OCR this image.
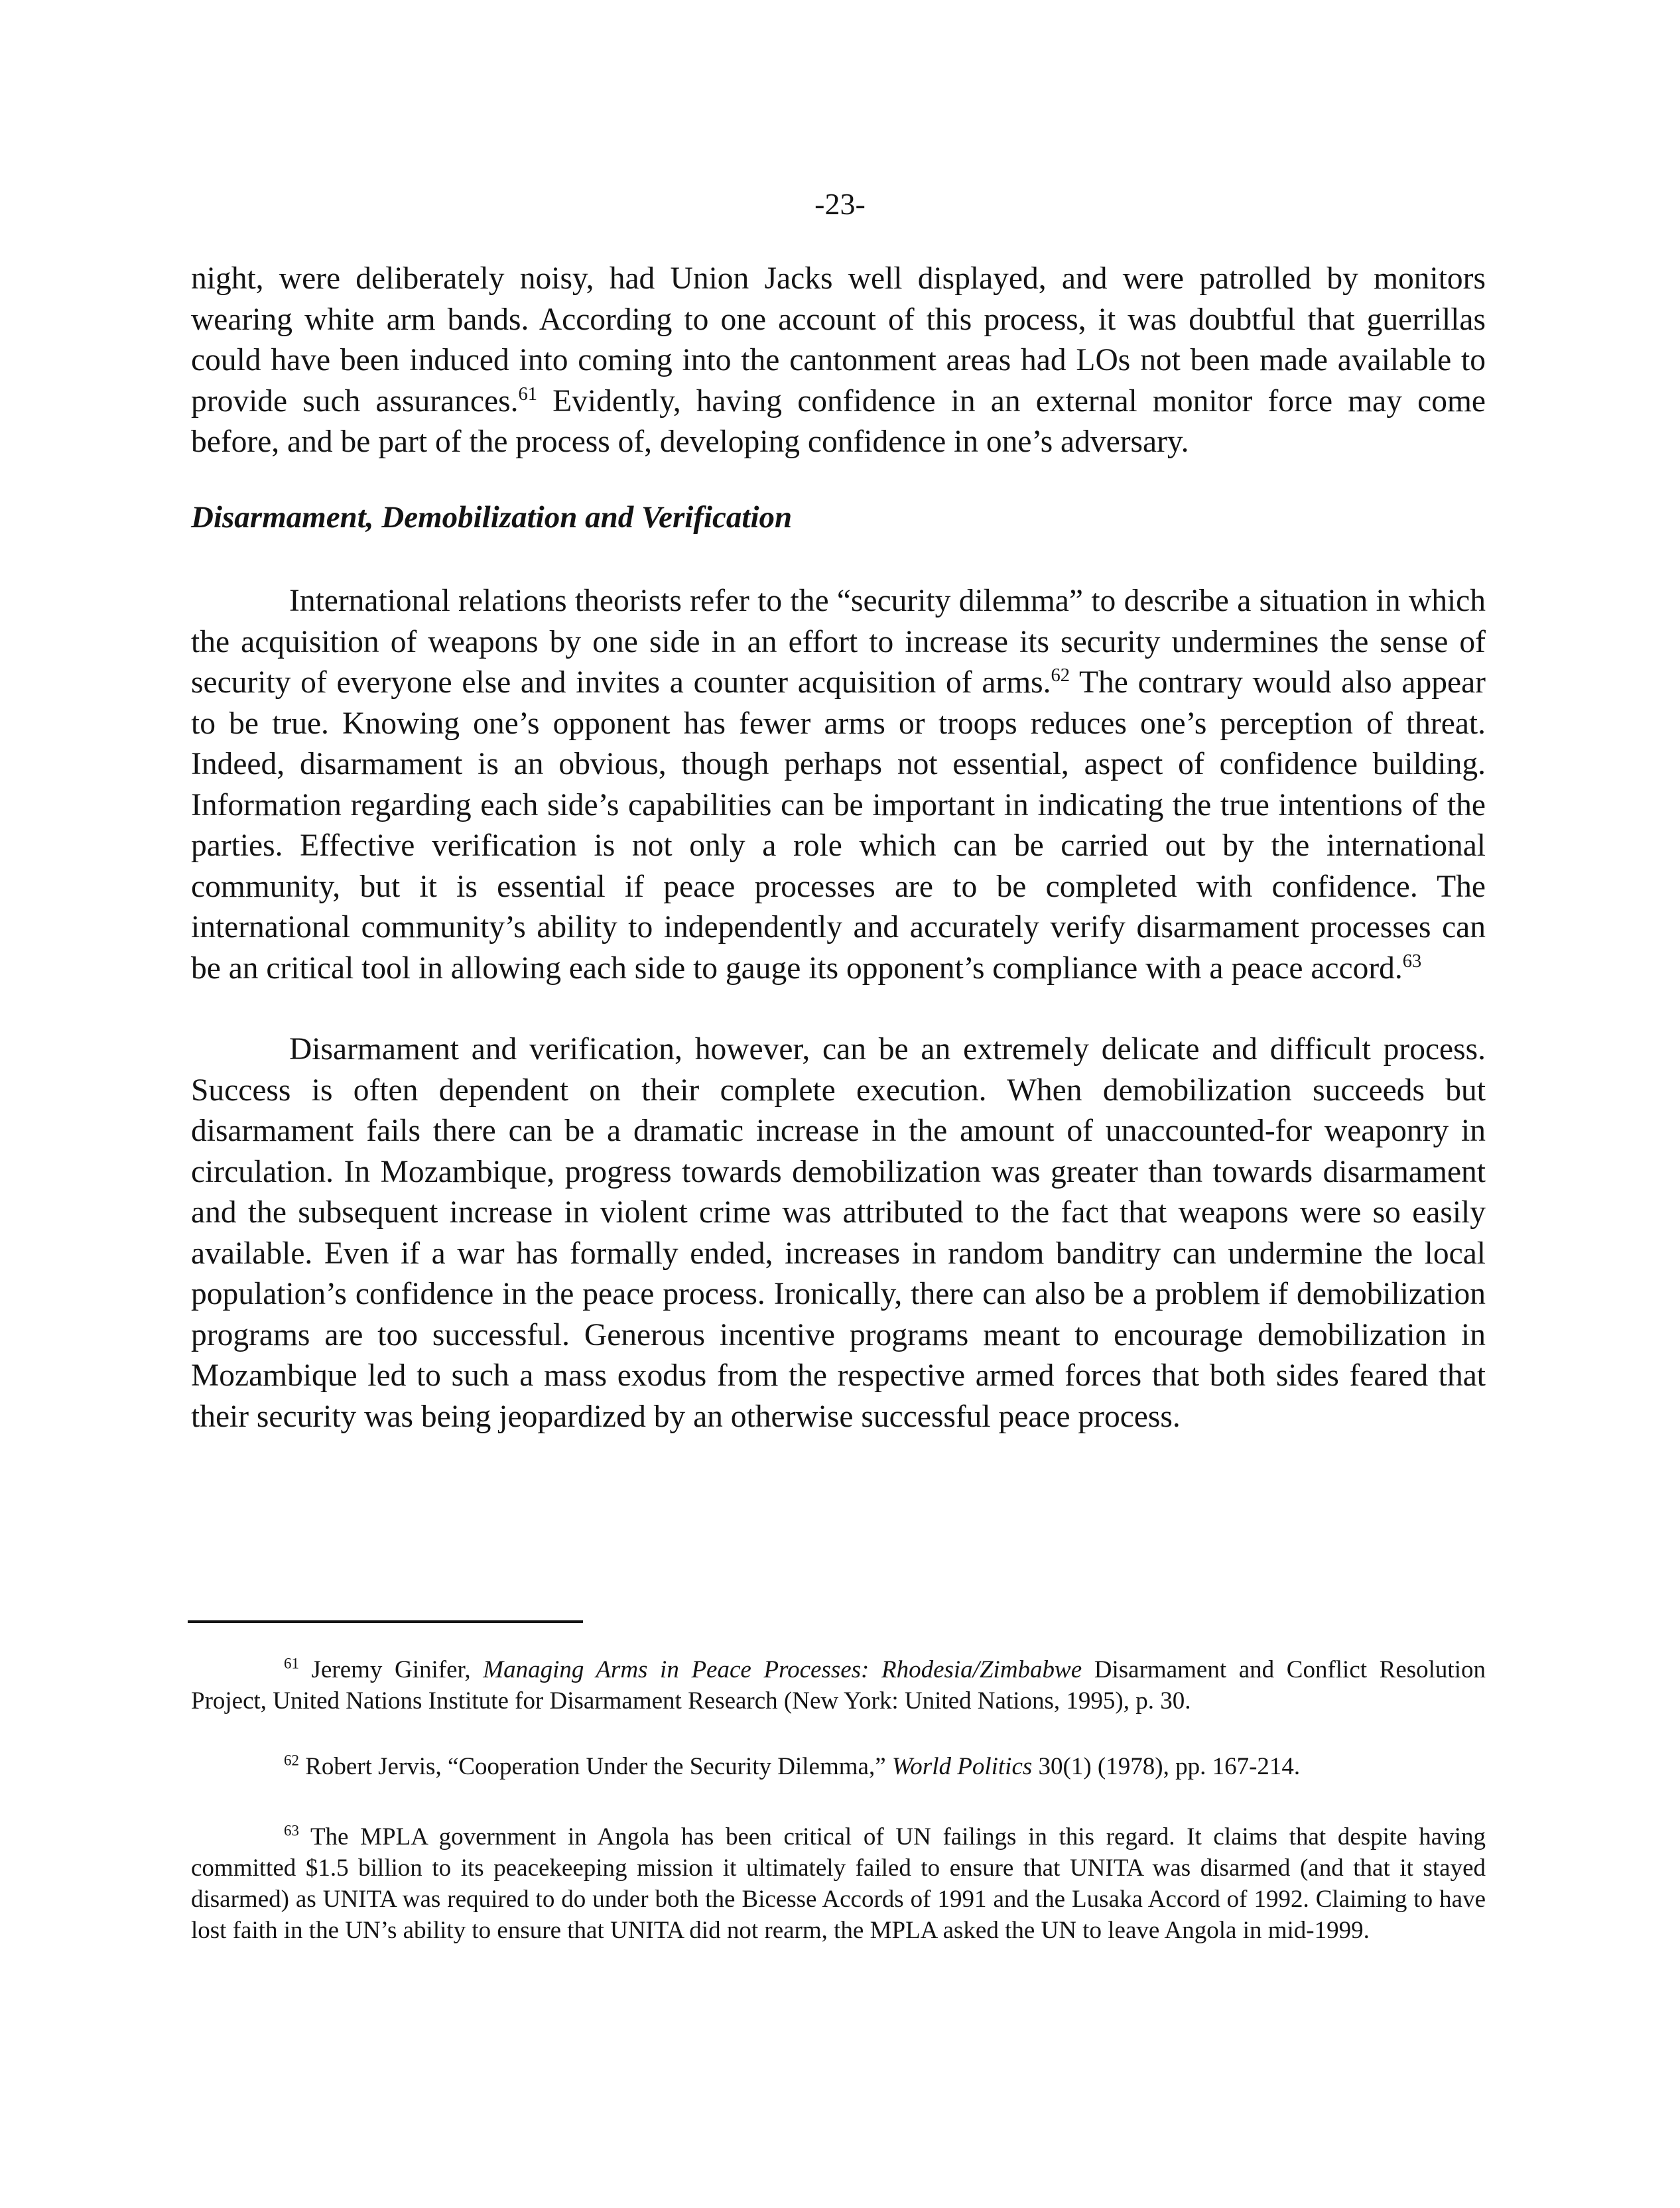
-23-

night, were deliberately noisy, had Union Jacks well displayed, and were patrolled by monitors wearing white arm bands. According to one account of this process, it was doubtful that guerrillas could have been induced into coming into the cantonment areas had LOs not been made available to provide such assurances.$^{61}$ Evidently, having confidence in an external monitor force may come before, and be part of the process of, developing confidence in one’s adversary.

Disarmament, Demobilization and Verification

International relations theorists refer to the “security dilemma” to describe a situation in which the acquisition of weapons by one side in an effort to increase its security undermines the sense of security of everyone else and invites a counter acquisition of arms.$^{62}$ The contrary would also appear to be true. Knowing one’s opponent has fewer arms or troops reduces one’s perception of threat. Indeed, disarmament is an obvious, though perhaps not essential, aspect of confidence building. Information regarding each side’s capabilities can be important in indicating the true intentions of the parties. Effective verification is not only a role which can be carried out by the international community, but it is essential if peace processes are to be completed with confidence. The international community’s ability to independently and accurately verify disarmament processes can be an critical tool in allowing each side to gauge its opponent’s compliance with a peace accord.$^{63}$

Disarmament and verification, however, can be an extremely delicate and difficult process. Success is often dependent on their complete execution. When demobilization succeeds but disarmament fails there can be a dramatic increase in the amount of unaccounted-for weaponry in circulation. In Mozambique, progress towards demobilization was greater than towards disarmament and the subsequent increase in violent crime was attributed to the fact that weapons were so easily available. Even if a war has formally ended, increases in random banditry can undermine the local population’s confidence in the peace process. Ironically, there can also be a problem if demobilization programs are too successful. Generous incentive programs meant to encourage demobilization in Mozambique led to such a mass exodus from the respective armed forces that both sides feared that their security was being jeopardized by an otherwise successful peace process.

$^{61}$ Jeremy Ginifer, Managing Arms in Peace Processes: Rhodesia/Zimbabwe Disarmament and Conflict Resolution Project, United Nations Institute for Disarmament Research (New York: United Nations, 1995), p. 30.

$^{62}$ Robert Jervis, “Cooperation Under the Security Dilemma,” World Politics 30(1) (1978), pp. 167-214.

$^{63}$ The MPLA government in Angola has been critical of UN failings in this regard. It claims that despite having committed $1.5 billion to its peacekeeping mission it ultimately failed to ensure that UNITA was disarmed (and that it stayed disarmed) as UNITA was required to do under both the Bicesse Accords of 1991 and the Lusaka Accord of 1992. Claiming to have lost faith in the UN’s ability to ensure that UNITA did not rearm, the MPLA asked the UN to leave Angola in mid-1999.
